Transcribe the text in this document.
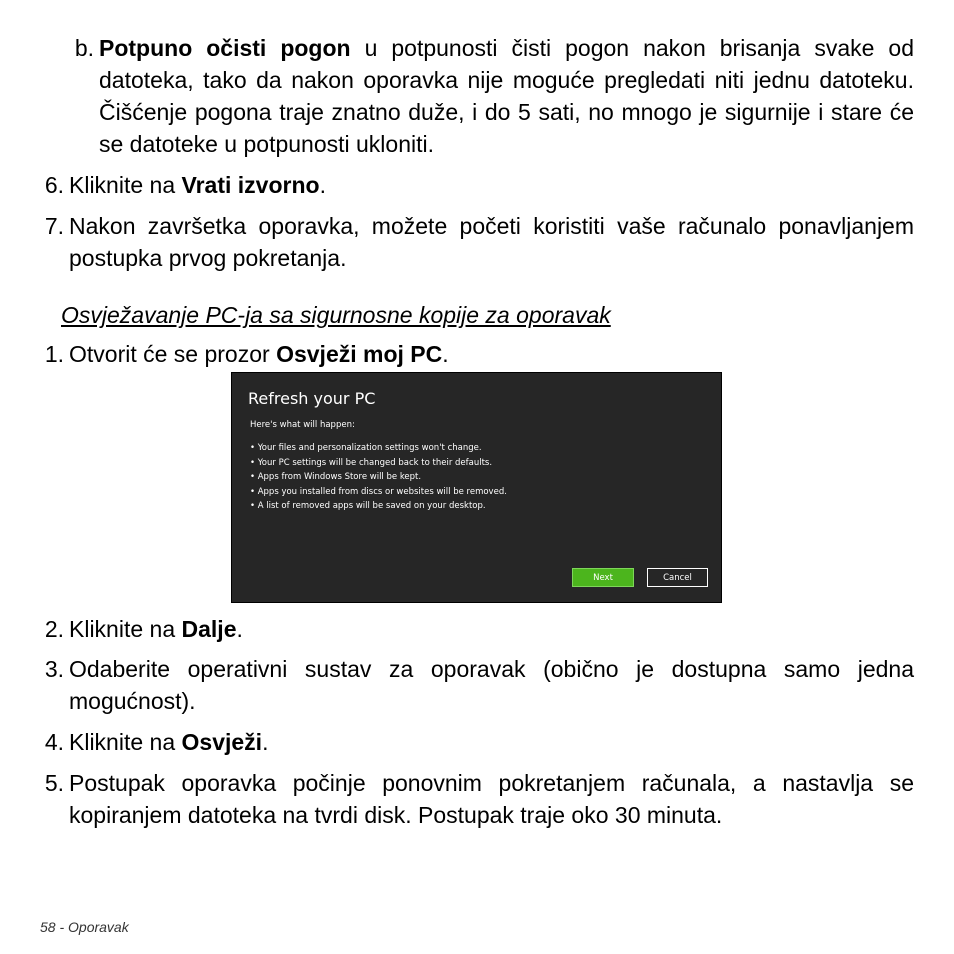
b. Potpuno očisti pogon u potpunosti čisti pogon nakon brisanja svake od datoteka, tako da nakon oporavka nije moguće pregledati niti jednu datoteku. Čišćenje pogona traje znatno duže, i do 5 sati, no mnogo je sigurnije i stare će se datoteke u potpunosti ukloniti.
6. Kliknite na Vrati izvorno.
7. Nakon završetka oporavka, možete početi koristiti vaše računalo ponavljanjem postupka prvog pokretanja.
Osvježavanje PC-ja sa sigurnosne kopije za oporavak
1. Otvorit će se prozor Osvježi moj PC.
Refresh your PC
Here's what will happen:
• Your files and personalization settings won't change.
• Your PC settings will be changed back to their defaults.
• Apps from Windows Store will be kept.
• Apps you installed from discs or websites will be removed.
• A list of removed apps will be saved on your desktop.
Next	Cancel
2. Kliknite na Dalje.
3. Odaberite operativni sustav za oporavak (obično je dostupna samo jedna mogućnost).
4. Kliknite na Osvježi.
5. Postupak oporavka počinje ponovnim pokretanjem računala, a nastavlja se kopiranjem datoteka na tvrdi disk. Postupak traje oko 30 minuta.
58 - Oporavak
